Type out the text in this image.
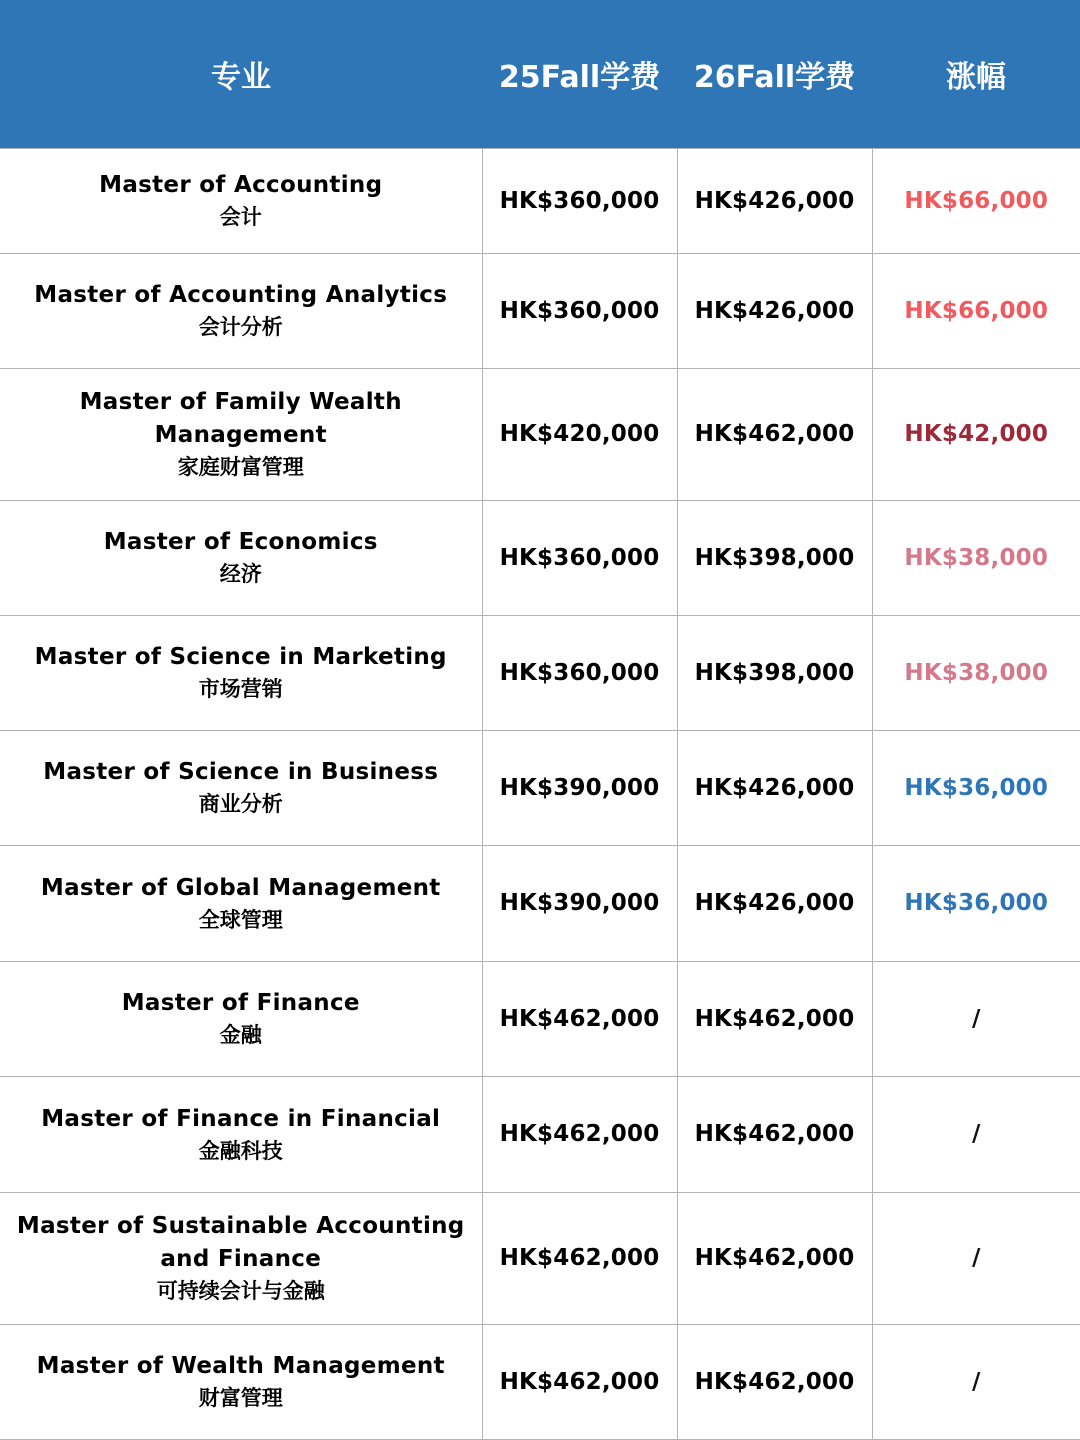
专业	25Fall学费	26Fall学费	涨幅

Master of Accounting
会计	HK$360,000	HK$426,000	HK$66,000

Master of Accounting Analytics
会计分析	HK$360,000	HK$426,000	HK$66,000

Master of Family Wealth Management
家庭财富管理	HK$420,000	HK$462,000	HK$42,000

Master of Economics
经济	HK$360,000	HK$398,000	HK$38,000

Master of Science in Marketing
市场营销	HK$360,000	HK$398,000	HK$38,000

Master of Science in Business
商业分析	HK$390,000	HK$426,000	HK$36,000

Master of Global Management
全球管理	HK$390,000	HK$426,000	HK$36,000

Master of Finance
金融	HK$462,000	HK$462,000	/

Master of Finance in Financial
金融科技	HK$462,000	HK$462,000	/

Master of Sustainable Accounting and Finance
可持续会计与金融	HK$462,000	HK$462,000	/

Master of Wealth Management
财富管理	HK$462,000	HK$462,000	/
